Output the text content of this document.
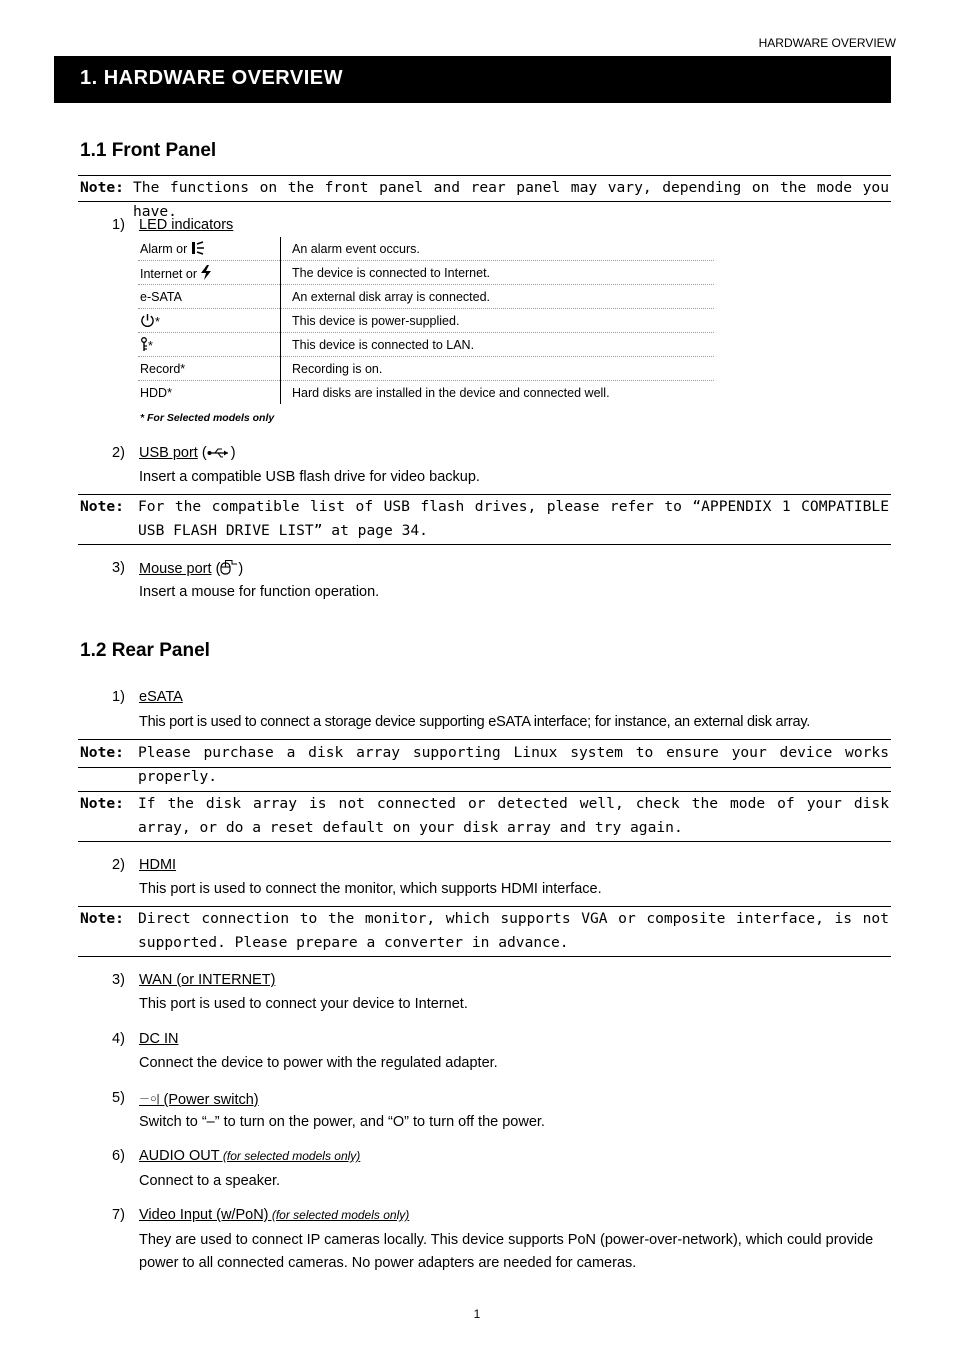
HARDWARE OVERVIEW
1. HARDWARE OVERVIEW
1.1 Front Panel
Note: The functions on the front panel and rear panel may vary, depending on the mode you have.
1) LED indicators
Alarm or	An alarm event occurs.
Internet or	The device is connected to Internet.
e-SATA	An external disk array is connected.
*	This device is power-supplied.
*	This device is connected to LAN.
Record*	Recording is on.
HDD*	Hard disks are installed in the device and connected well.
* For Selected models only
2) USB port ( )
Insert a compatible USB flash drive for video backup.
Note: For the compatible list of USB flash drives, please refer to “APPENDIX 1 COMPATIBLE USB FLASH DRIVE LIST” at page 34.
3) Mouse port ( )
Insert a mouse for function operation.
1.2 Rear Panel
1) eSATA
This port is used to connect a storage device supporting eSATA interface; for instance, an external disk array.
Note: Please purchase a disk array supporting Linux system to ensure your device works properly.
Note: If the disk array is not connected or detected well, check the mode of your disk array, or do a reset default on your disk array and try again.
2) HDMI
This port is used to connect the monitor, which supports HDMI interface.
Note: Direct connection to the monitor, which supports VGA or composite interface, is not supported. Please prepare a converter in advance.
3) WAN (or INTERNET)
This port is used to connect your device to Internet.
4) DC IN
Connect the device to power with the regulated adapter.
5) －○| (Power switch)
Switch to “–” to turn on the power, and “O” to turn off the power.
6) AUDIO OUT (for selected models only)
Connect to a speaker.
7) Video Input (w/PoN) (for selected models only)
They are used to connect IP cameras locally. This device supports PoN (power-over-network), which could provide power to all connected cameras. No power adapters are needed for cameras.
1
